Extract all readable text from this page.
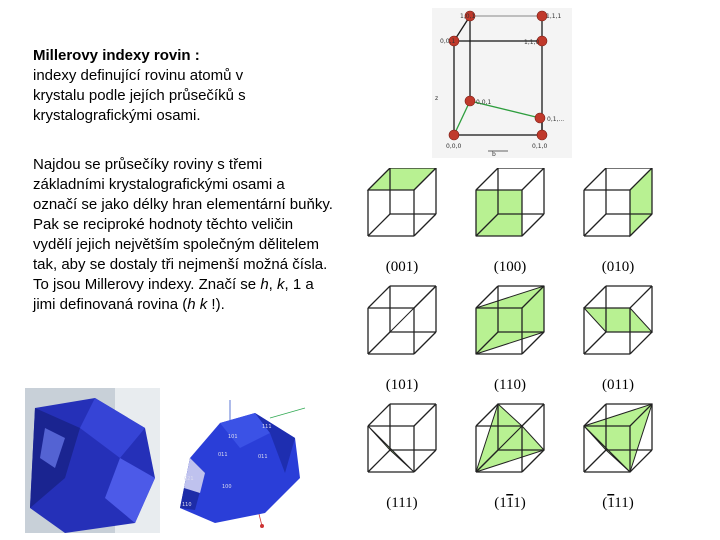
Millerovy indexy rovin :
indexy definující rovinu atomů v
krystalu podle jejích průsečíků s
krystalografickými osami.
Najdou se průsečíky roviny s třemi základními krystalografickými osami a označí se jako délky hran elementární buňky. Pak se reciproké hodnoty těchto veličin vydělí jejich největším společným dělitelem tak, aby se dostaly tři nejmenší možná čísla. To jsou Millerovy indexy. Značí se h, k, 1 a jimi definovaná rovina (h k !).
1,0,1	1,1,1
0,0,1	1,1,0
0,0,1
0,0,0	0,1,0
0,1,...
z
b
(001)	(100)	(010)
(101)	(110)	(011)
(111)	(111)	(111)
101
111
011
021
100
011
110
